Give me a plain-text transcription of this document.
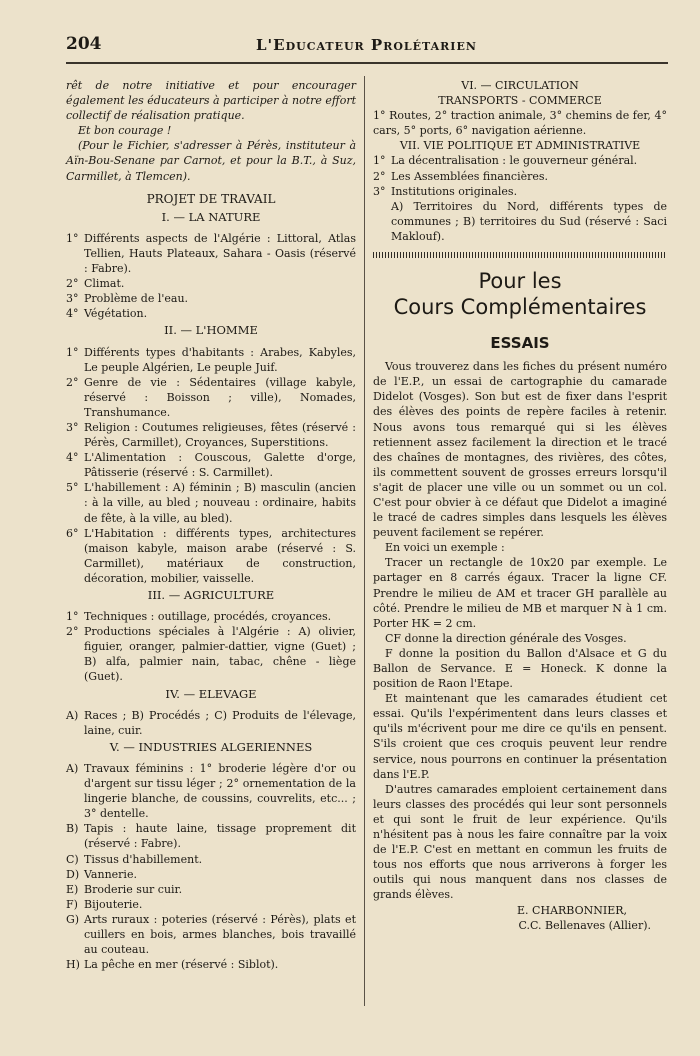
204	L'Educateur Prolétarien

rêt de notre initiative et pour encourager également les éducateurs à participer à notre effort collectif de réalisation pratique.

Et bon courage !

(Pour le Fichier, s'adresser à Pérès, instituteur à Aïn-Bou-Senane par Carnot, et pour la B.T., à Suz, Carmillet, à Tlemcen).

PROJET DE TRAVAIL
I. — LA NATURE

1° Différents aspects de l'Algérie : Littoral, Atlas Tellien, Hauts Plateaux, Sahara - Oasis (réservé : Fabre).

2° Climat.

3° Problème de l'eau.

4° Végétation.

II. — L'HOMME

1° Différents types d'habitants : Arabes, Kabyles, Le peuple Algérien, Le peuple Juif.

2° Genre de vie : Sédentaires (village kabyle, réservé : Boisson ; ville), Nomades, Transhumance.

3° Religion : Coutumes religieuses, fêtes (réservé : Pérès, Carmillet), Croyances, Superstitions.

4° L'Alimentation : Couscous, Galette d'orge, Pâtisserie (réservé : S. Carmillet).

5° L'habillement : A) féminin ; B) masculin (ancien : à la ville, au bled ; nouveau : ordinaire, habits de fête, à la ville, au bled).

6° L'Habitation : différents types, architectures (maison kabyle, maison arabe (réservé : S. Carmillet), matériaux de construction, décoration, mobilier, vaisselle.

III. — AGRICULTURE

1° Techniques : outillage, procédés, croyances.

2° Productions spéciales à l'Algérie : A) olivier, figuier, oranger, palmier-dattier, vigne (Guet) ; B) alfa, palmier nain, tabac, chêne - liège (Guet).

IV. — ELEVAGE

A) Races ; B) Procédés ; C) Produits de l'élevage, laine, cuir.

V. — INDUSTRIES ALGERIENNES

A) Travaux féminins : 1° broderie légère d'or ou d'argent sur tissu léger ; 2° ornementation de la lingerie blanche, de coussins, couvrelits, etc... ; 3° dentelle.

B) Tapis : haute laine, tissage proprement dit (réservé : Fabre).

C) Tissus d'habillement.

D) Vannerie.

E) Broderie sur cuir.

F) Bijouterie.

G) Arts ruraux : poteries (réservé : Pérès), plats et cuillers en bois, armes blanches, bois travaillé au couteau.

H) La pêche en mer (réservé : Siblot).

VI. — CIRCULATION
TRANSPORTS - COMMERCE

1° Routes, 2° traction animale, 3° chemins de fer, 4° cars, 5° ports, 6° navigation aérienne.

VII. VIE POLITIQUE ET ADMINISTRATIVE

1° La décentralisation : le gouverneur général.

2° Les Assemblées financières.

3° Institutions originales.

A) Territoires du Nord, différents types de communes ; B) territoires du Sud (réservé : Saci Maklouf).

Pour les

Cours Complémentaires

ESSAIS

Vous trouverez dans les fiches du présent numéro de l'E.P., un essai de cartographie du camarade Didelot (Vosges). Son but est de fixer dans l'esprit des élèves des points de repère faciles à retenir. Nous avons tous remarqué qui si les élèves retiennent assez facilement la direction et le tracé des chaînes de montagnes, des rivières, des côtes, ils commettent souvent de grosses erreurs lorsqu'il s'agit de placer une ville ou un sommet ou un col. C'est pour obvier à ce défaut que Didelot a imaginé le tracé de cadres simples dans lesquels les élèves peuvent facilement se repérer.

En voici un exemple :

Tracer un rectangle de 10x20 par exemple. Le partager en 8 carrés égaux. Tracer la ligne CF. Prendre le milieu de AM et tracer GH parallèle au côté. Prendre le milieu de MB et marquer N à 1 cm. Porter HK = 2 cm.

CF donne la direction générale des Vosges.

F donne la position du Ballon d'Alsace et G du Ballon de Servance. E = Honeck. K donne la position de Raon l'Etape.

Et maintenant que les camarades étudient cet essai. Qu'ils l'expérimentent dans leurs classes et qu'ils m'écrivent pour me dire ce qu'ils en pensent. S'ils croient que ces croquis peuvent leur rendre service, nous pourrons en continuer la présentation dans l'E.P.

D'autres camarades emploient certainement dans leurs classes des procédés qui leur sont personnels et qui sont le fruit de leur expérience. Qu'ils n'hésitent pas à nous les faire connaître par la voix de l'E.P. C'est en mettant en commun les fruits de tous nos efforts que nous arriverons à forger les outils qui nous manquent dans nos classes de grands élèves.

E. CHARBONNIER,

C.C. Bellenaves (Allier).
